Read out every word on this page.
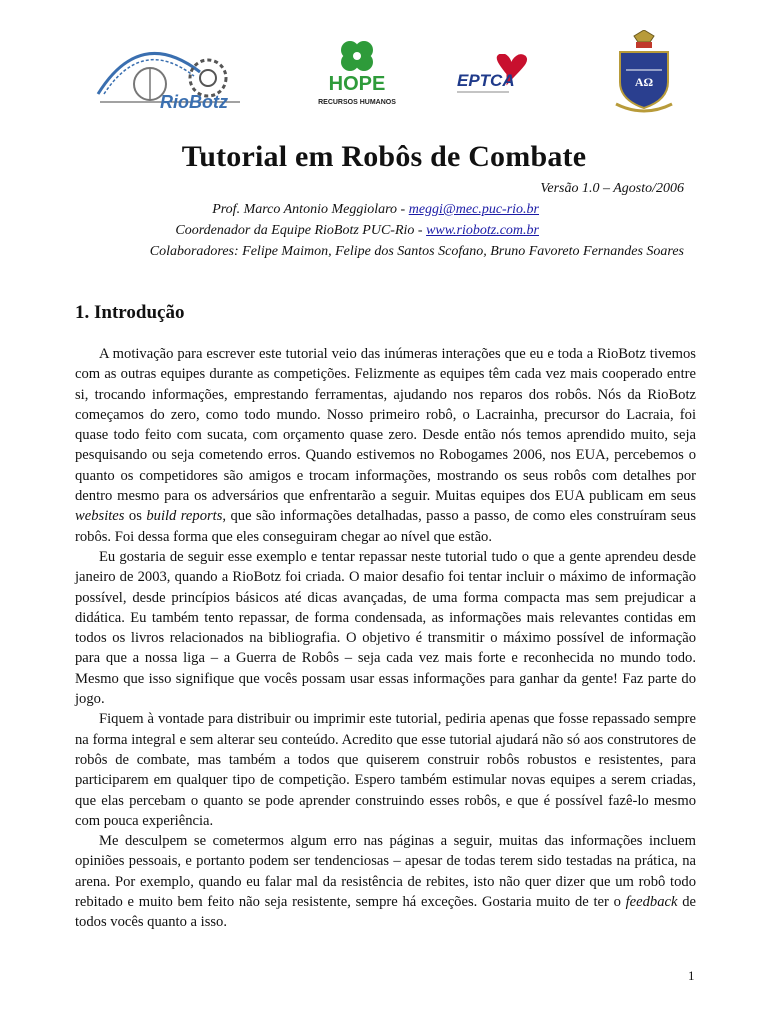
RioBotz
HOPE
RECURSOS HUMANOS
EPTCA	AΩ
Tutorial em Robôs de Combate
Versão 1.0 – Agosto/2006
Prof. Marco Antonio Meggiolaro - meggi@mec.puc-rio.br
Coordenador da Equipe RioBotz PUC-Rio - www.riobotz.com.br
Colaboradores: Felipe Maimon, Felipe dos Santos Scofano, Bruno Favoreto Fernandes Soares
1. Introdução

A motivação para escrever este tutorial veio das inúmeras interações que eu e toda a RioBotz tivemos com as outras equipes durante as competições. Felizmente as equipes têm cada vez mais cooperado entre si, trocando informações, emprestando ferramentas, ajudando nos reparos dos robôs. Nós da RioBotz começamos do zero, como todo mundo. Nosso primeiro robô, o Lacrainha, precursor do Lacraia, foi quase todo feito com sucata, com orçamento quase zero. Desde então nós temos aprendido muito, seja pesquisando ou seja cometendo erros. Quando estivemos no Robogames 2006, nos EUA, percebemos o quanto os competidores são amigos e trocam informações, mostrando os seus robôs com detalhes por dentro mesmo para os adversários que enfrentarão a seguir. Muitas equipes dos EUA publicam em seus websites os build reports, que são informações detalhadas, passo a passo, de como eles construíram seus robôs. Foi dessa forma que eles conseguiram chegar ao nível que estão.

Eu gostaria de seguir esse exemplo e tentar repassar neste tutorial tudo o que a gente aprendeu desde janeiro de 2003, quando a RioBotz foi criada. O maior desafio foi tentar incluir o máximo de informação possível, desde princípios básicos até dicas avançadas, de uma forma compacta mas sem prejudicar a didática. Eu também tento repassar, de forma condensada, as informações mais relevantes contidas em todos os livros relacionados na bibliografia. O objetivo é transmitir o máximo possível de informação para que a nossa liga – a Guerra de Robôs – seja cada vez mais forte e reconhecida no mundo todo. Mesmo que isso signifique que vocês possam usar essas informações para ganhar da gente! Faz parte do jogo.

Fiquem à vontade para distribuir ou imprimir este tutorial, pediria apenas que fosse repassado sempre na forma integral e sem alterar seu conteúdo. Acredito que esse tutorial ajudará não só aos construtores de robôs de combate, mas também a todos que quiserem construir robôs robustos e resistentes, para participarem em qualquer tipo de competição. Espero também estimular novas equipes a serem criadas, que elas percebam o quanto se pode aprender construindo esses robôs, e que é possível fazê-lo mesmo com pouca experiência.

Me desculpem se cometermos algum erro nas páginas a seguir, muitas das informações incluem opiniões pessoais, e portanto podem ser tendenciosas – apesar de todas terem sido testadas na prática, na arena. Por exemplo, quando eu falar mal da resistência de rebites, isto não quer dizer que um robô todo rebitado e muito bem feito não seja resistente, sempre há exceções. Gostaria muito de ter o feedback de todos vocês quanto a isso.

1
